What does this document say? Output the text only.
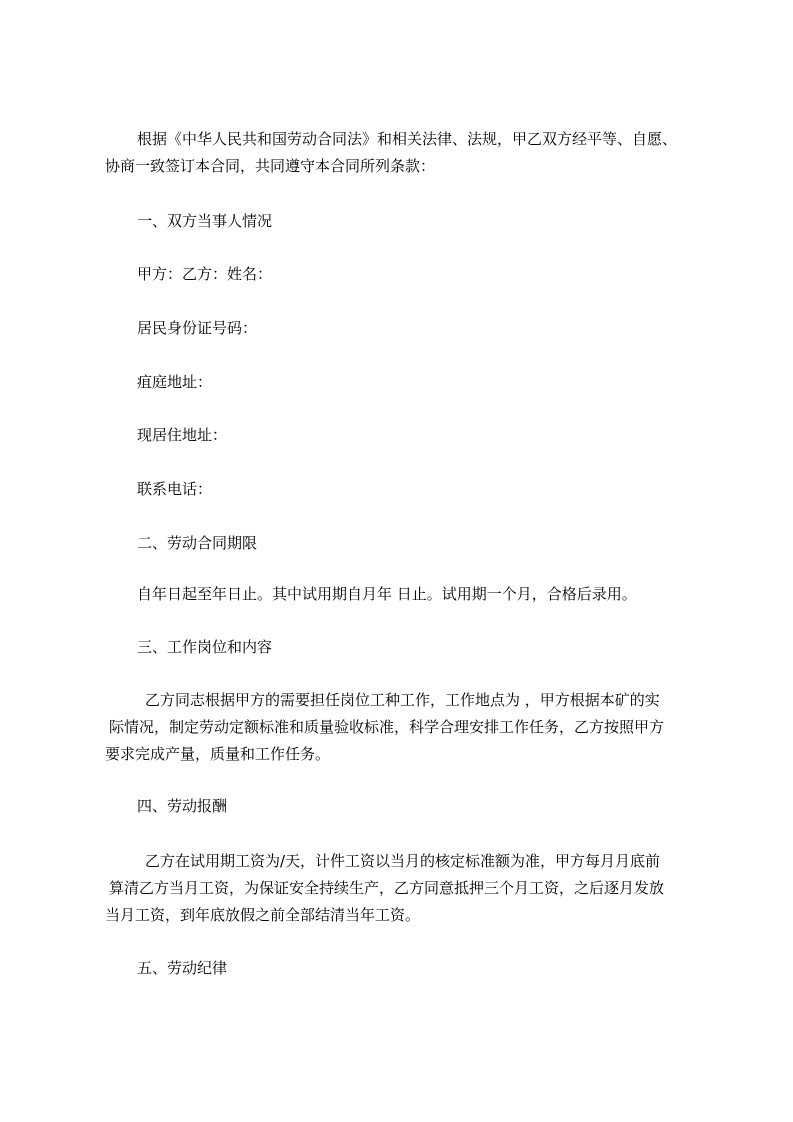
根据《中华人民共和国劳动合同法》和相关法律、法规，甲乙双方经平等、自愿、

协商一致签订本合同，共同遵守本合同所列条款：

一、双方当事人情况

甲方：乙方：姓名：

居民身份证号码：

疽庭地址：

现居住地址：

联系电话：

二、劳动合同期限

自年日起至年日止。其中试用期自月年 日止。试用期一个月，合格后录用。

三、工作岗位和内容

乙方同志根据甲方的需要担任岗位工种工作，工作地点为 ，甲方根据本矿的实

际情况，制定劳动定额标准和质量验收标准，科学合理安排工作任务，乙方按照甲方

要求完成产量，质量和工作任务。

四、劳动报酬

乙方在试用期工资为/天，计件工资以当月的核定标准额为准，甲方每月月底前

算清乙方当月工资，为保证安全持续生产，乙方同意抵押三个月工资，之后逐月发放

当月工资，到年底放假之前全部结清当年工资。

五、劳动纪律
